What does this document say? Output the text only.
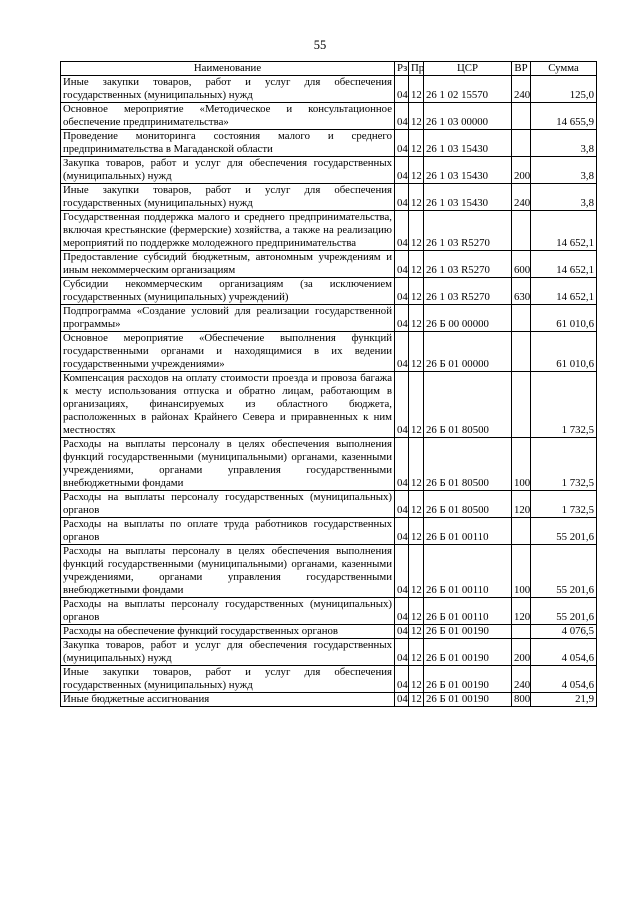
55
Наименование	Рз	Пр	ЦСР	ВР	Сумма
Иные закупки товаров, работ и услуг для обеспечения государственных (муниципальных) нужд	04	12	26 1 02 15570	240	125,0
Основное мероприятие «Методическое и консультационное обеспечение предпринимательства»	04	12	26 1 03 00000		14 655,9
Проведение мониторинга состояния малого и среднего предпринимательства в Магаданской области	04	12	26 1 03 15430		3,8
Закупка товаров, работ и услуг для обеспечения государственных (муниципальных) нужд	04	12	26 1 03 15430	200	3,8
Иные закупки товаров, работ и услуг для обеспечения государственных (муниципальных) нужд	04	12	26 1 03 15430	240	3,8
Государственная поддержка малого и среднего предпринимательства, включая крестьянские (фермерские) хозяйства, а также на реализацию мероприятий по поддержке молодежного предпринимательства	04	12	26 1 03 R5270		14 652,1
Предоставление субсидий бюджетным, автономным учреждениям и иным некоммерческим организациям	04	12	26 1 03 R5270	600	14 652,1
Субсидии некоммерческим организациям (за исключением государственных (муниципальных) учреждений)	04	12	26 1 03 R5270	630	14 652,1
Подпрограмма «Создание условий для реализации государственной программы»	04	12	26 Б 00 00000		61 010,6
Основное мероприятие «Обеспечение выполнения функций государственными органами и находящимися в их ведении государственными учреждениями»	04	12	26 Б 01 00000		61 010,6
Компенсация расходов на оплату стоимости проезда и провоза багажа к месту использования отпуска и обратно лицам, работающим в организациях, финансируемых из областного бюджета, расположенных в районах Крайнего Севера и приравненных к ним местностях	04	12	26 Б 01 80500		1 732,5
Расходы на выплаты персоналу в целях обеспечения выполнения функций государственными (муниципальными) органами, казенными учреждениями, органами управления государственными внебюджетными фондами	04	12	26 Б 01 80500	100	1 732,5
Расходы на выплаты персоналу государственных (муниципальных) органов	04	12	26 Б 01 80500	120	1 732,5
Расходы на выплаты по оплате труда работников государственных органов	04	12	26 Б 01 00110		55 201,6
Расходы на выплаты персоналу в целях обеспечения выполнения функций государственными (муниципальными) органами, казенными учреждениями, органами управления государственными внебюджетными фондами	04	12	26 Б 01 00110	100	55 201,6
Расходы на выплаты персоналу государственных (муниципальных) органов	04	12	26 Б 01 00110	120	55 201,6
Расходы на обеспечение функций государственных органов	04	12	26 Б 01 00190		4 076,5
Закупка товаров, работ и услуг для обеспечения государственных (муниципальных) нужд	04	12	26 Б 01 00190	200	4 054,6
Иные закупки товаров, работ и услуг для обеспечения государственных (муниципальных) нужд	04	12	26 Б 01 00190	240	4 054,6
Иные бюджетные ассигнования	04	12	26 Б 01 00190	800	21,9
